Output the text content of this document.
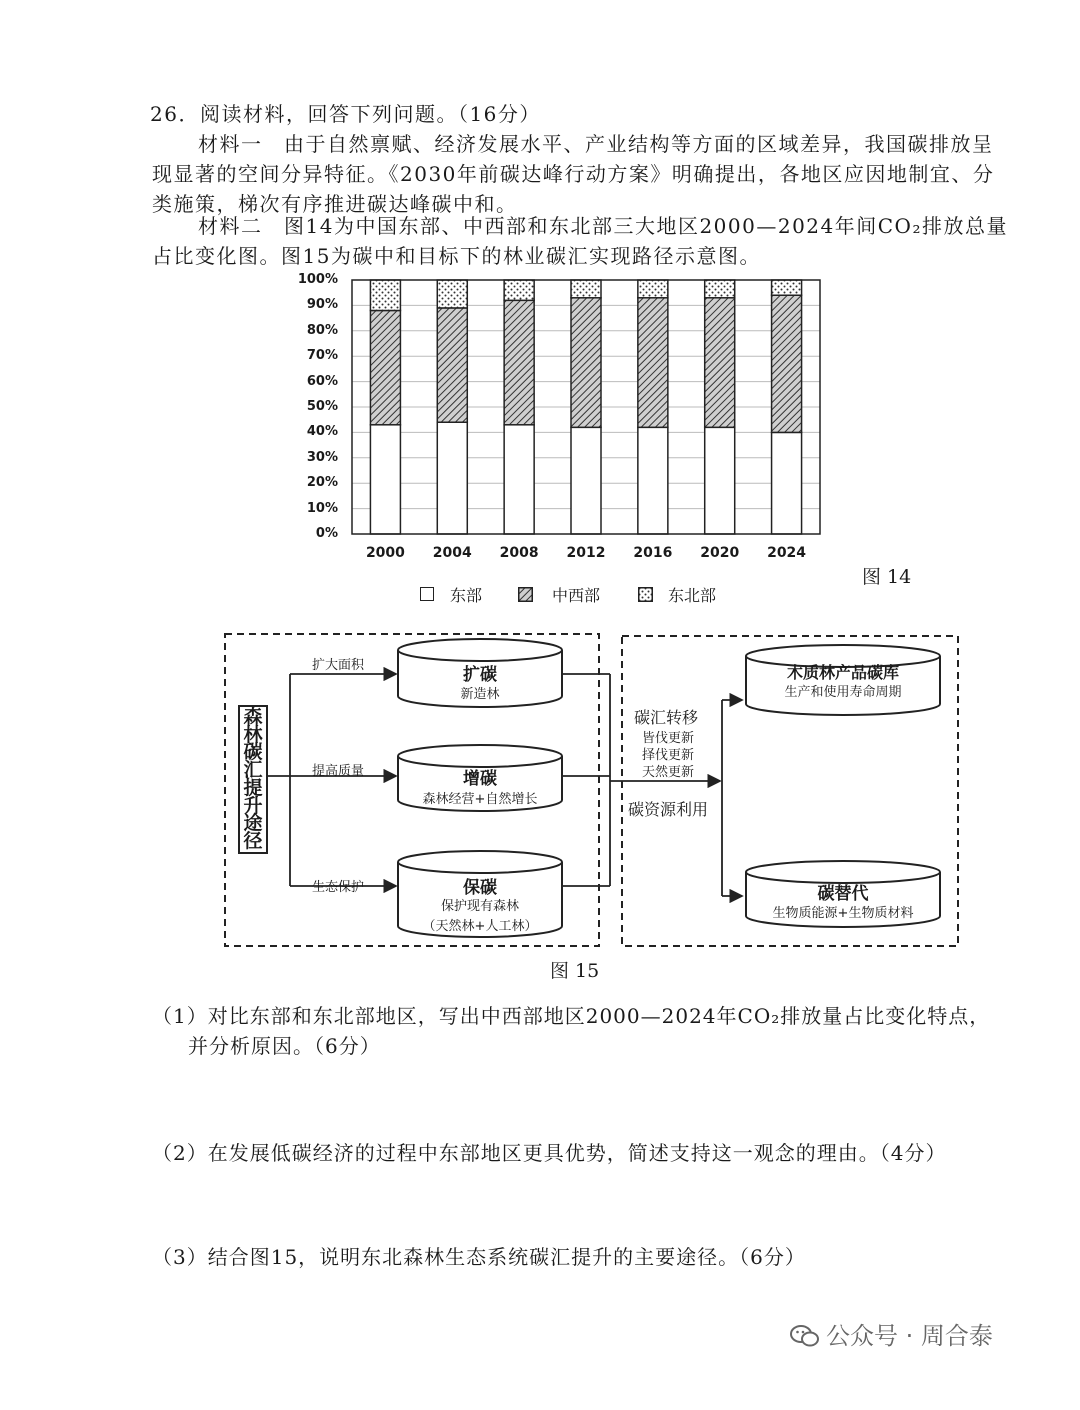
26．阅读材料，回答下列问题。（16分）
材料一　由于自然禀赋、经济发展水平、产业结构等方面的区域差异，我国碳排放呈
现显著的空间分异特征。《2030年前碳达峰行动方案》明确提出，各地区应因地制宜、分
类施策，梯次有序推进碳达峰碳中和。
材料二　图14为中国东部、中西部和东北部三大地区2000—2024年间CO₂排放总量
占比变化图。图15为碳中和目标下的林业碳汇实现路径示意图。
100%
90%
80%
70%
60%
50%
40%
30%
20%
10%
0%
2000	2004	2008	2012	2016	2020	2024
图 14
东部	中西部	东北部
森林碳汇提升途径
扩大面积
提高质量
生态保护
扩碳
新造林
增碳
森林经营+自然增长
保碳
保护现有森林
（天然林+人工林）
碳汇转移
皆伐更新
择伐更新
天然更新
碳资源利用
木质林产品碳库
生产和使用寿命周期
碳替代
生物质能源+生物质材料
图 15
（1）对比东部和东北部地区，写出中西部地区2000—2024年CO₂排放量占比变化特点，
并分析原因。（6分）
（2）在发展低碳经济的过程中东部地区更具优势，简述支持这一观念的理由。（4分）
（3）结合图15，说明东北森林生态系统碳汇提升的主要途径。（6分）
公众号 · 周合泰
